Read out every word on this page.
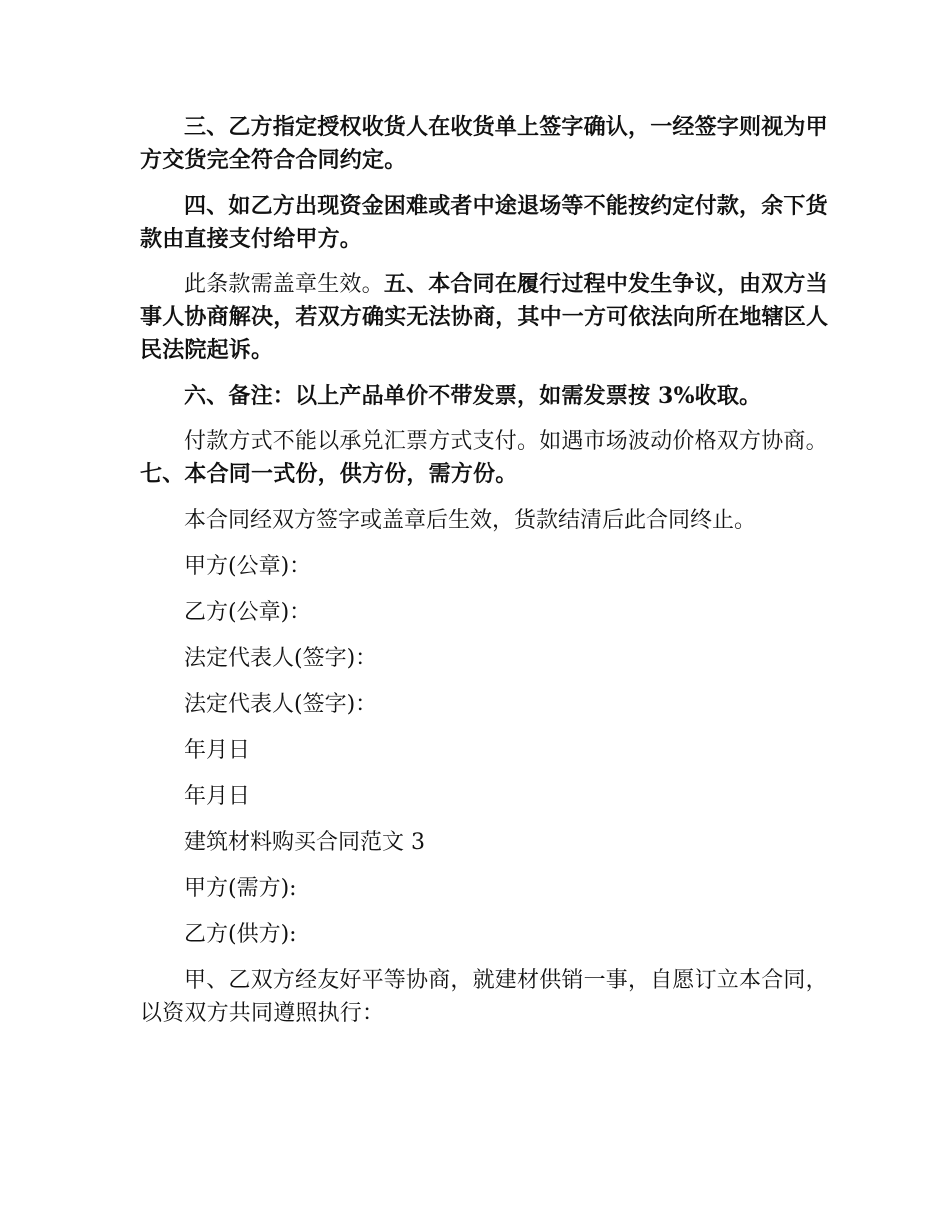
三、乙方指定授权收货人在收货单上签字确认，一经签字则视为甲方交货完全符合合同约定。

四、如乙方出现资金困难或者中途退场等不能按约定付款，余下货款由直接支付给甲方。

此条款需盖章生效。五、本合同在履行过程中发生争议，由双方当事人协商解决，若双方确实无法协商，其中一方可依法向所在地辖区人民法院起诉。

六、备注：以上产品单价不带发票，如需发票按 3%收取。

付款方式不能以承兑汇票方式支付。如遇市场波动价格双方协商。七、本合同一式份，供方份，需方份。

本合同经双方签字或盖章后生效，货款结清后此合同终止。

甲方(公章)：

乙方(公章)：

法定代表人(签字)：

法定代表人(签字)：

年月日

年月日

建筑材料购买合同范文 3

甲方(需方):

乙方(供方):

甲、乙双方经友好平等协商，就建材供销一事，自愿订立本合同，以资双方共同遵照执行：
